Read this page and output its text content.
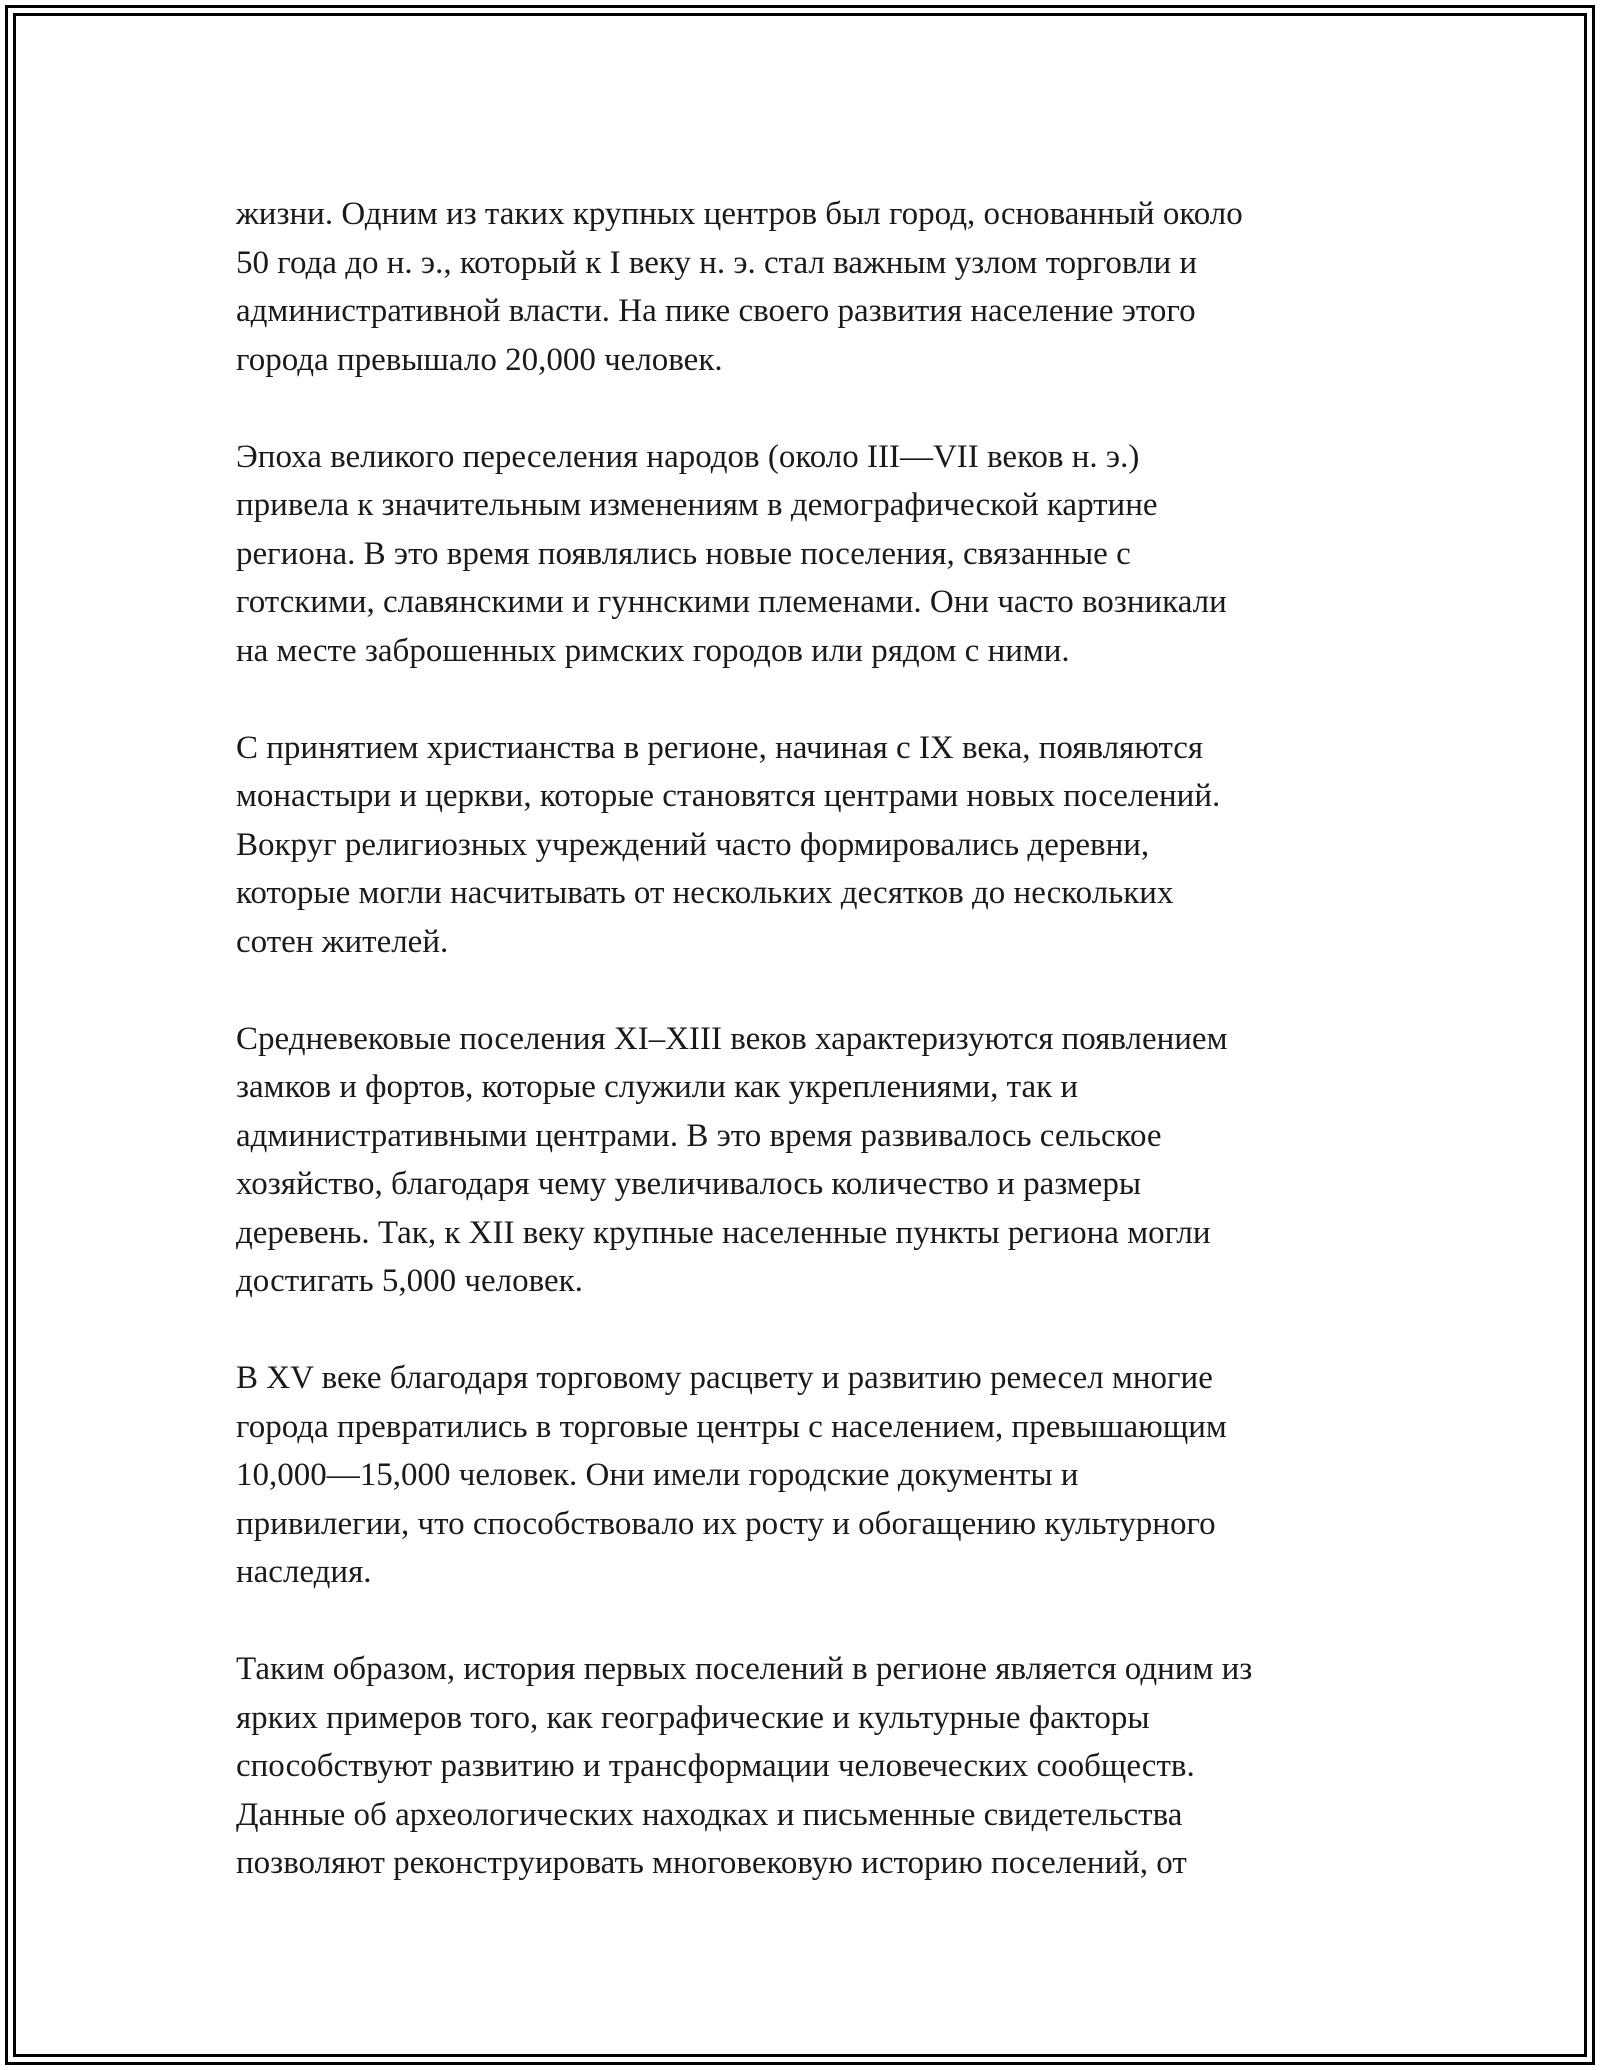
жизни. Одним из таких крупных центров был город, основанный около
50 года до н. э., который к I веку н. э. стал важным узлом торговли и
административной власти. На пике своего развития население этого
города превышало 20,000 человек.

Эпоха великого переселения народов (около III—VII веков н. э.)
привела к значительным изменениям в демографической картине
региона. В это время появлялись новые поселения, связанные с
готскими, славянскими и гуннскими племенами. Они часто возникали
на месте заброшенных римских городов или рядом с ними.

С принятием христианства в регионе, начиная с IX века, появляются
монастыри и церкви, которые становятся центрами новых поселений.
Вокруг религиозных учреждений часто формировались деревни,
которые могли насчитывать от нескольких десятков до нескольких
сотен жителей.

Средневековые поселения XI–XIII веков характеризуются появлением
замков и фортов, которые служили как укреплениями, так и
административными центрами. В это время развивалось сельское
хозяйство, благодаря чему увеличивалось количество и размеры
деревень. Так, к XII веку крупные населенные пункты региона могли
достигать 5,000 человек.

В XV веке благодаря торговому расцвету и развитию ремесел многие
города превратились в торговые центры с населением, превышающим
10,000—15,000 человек. Они имели городские документы и
привилегии, что способствовало их росту и обогащению культурного
наследия.

Таким образом, история первых поселений в регионе является одним из
ярких примеров того, как географические и культурные факторы
способствуют развитию и трансформации человеческих сообществ.
Данные об археологических находках и письменные свидетельства
позволяют реконструировать многовековую историю поселений, от
